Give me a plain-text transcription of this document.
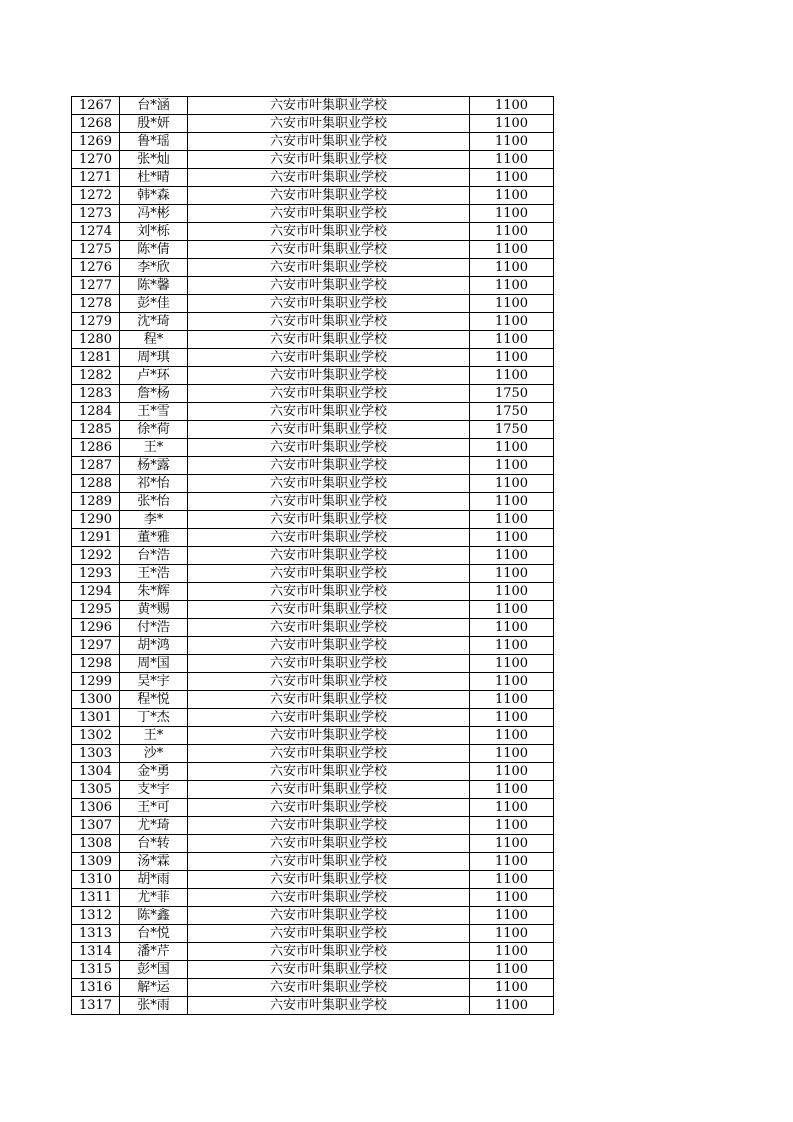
1267	台*涵	六安市叶集职业学校	1100
1268	殷*妍	六安市叶集职业学校	1100
1269	鲁*瑶	六安市叶集职业学校	1100
1270	张*灿	六安市叶集职业学校	1100
1271	杜*晴	六安市叶集职业学校	1100
1272	韩*森	六安市叶集职业学校	1100
1273	冯*彬	六安市叶集职业学校	1100
1274	刘*栎	六安市叶集职业学校	1100
1275	陈*倩	六安市叶集职业学校	1100
1276	李*欣	六安市叶集职业学校	1100
1277	陈*馨	六安市叶集职业学校	1100
1278	彭*佳	六安市叶集职业学校	1100
1279	沈*琦	六安市叶集职业学校	1100
1280	程*	六安市叶集职业学校	1100
1281	周*琪	六安市叶集职业学校	1100
1282	卢*环	六安市叶集职业学校	1100
1283	詹*杨	六安市叶集职业学校	1750
1284	王*雪	六安市叶集职业学校	1750
1285	徐*荷	六安市叶集职业学校	1750
1286	王*	六安市叶集职业学校	1100
1287	杨*露	六安市叶集职业学校	1100
1288	祁*怡	六安市叶集职业学校	1100
1289	张*怡	六安市叶集职业学校	1100
1290	李*	六安市叶集职业学校	1100
1291	董*雅	六安市叶集职业学校	1100
1292	台*浩	六安市叶集职业学校	1100
1293	王*浩	六安市叶集职业学校	1100
1294	朱*辉	六安市叶集职业学校	1100
1295	黄*赐	六安市叶集职业学校	1100
1296	付*浩	六安市叶集职业学校	1100
1297	胡*鸿	六安市叶集职业学校	1100
1298	周*国	六安市叶集职业学校	1100
1299	吴*宇	六安市叶集职业学校	1100
1300	程*悦	六安市叶集职业学校	1100
1301	丁*杰	六安市叶集职业学校	1100
1302	王*	六安市叶集职业学校	1100
1303	沙*	六安市叶集职业学校	1100
1304	金*勇	六安市叶集职业学校	1100
1305	支*宇	六安市叶集职业学校	1100
1306	王*可	六安市叶集职业学校	1100
1307	尤*琦	六安市叶集职业学校	1100
1308	台*转	六安市叶集职业学校	1100
1309	汤*霖	六安市叶集职业学校	1100
1310	胡*雨	六安市叶集职业学校	1100
1311	尤*菲	六安市叶集职业学校	1100
1312	陈*鑫	六安市叶集职业学校	1100
1313	台*悦	六安市叶集职业学校	1100
1314	潘*芹	六安市叶集职业学校	1100
1315	彭*国	六安市叶集职业学校	1100
1316	解*运	六安市叶集职业学校	1100
1317	张*雨	六安市叶集职业学校	1100
